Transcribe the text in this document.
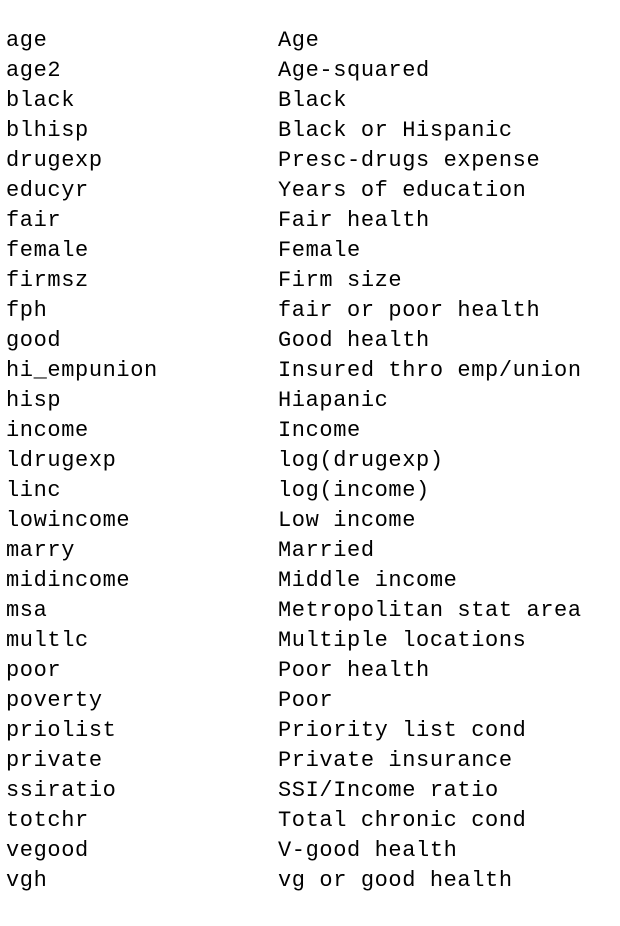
age	Age
age2	Age-squared
black	Black
blhisp	Black or Hispanic
drugexp	Presc-drugs expense
educyr	Years of education
fair	Fair health
female	Female
firmsz	Firm size
fph	fair or poor health
good	Good health
hi_empunion	Insured thro emp/union
hisp	Hiapanic
income	Income
ldrugexp	log(drugexp)
linc	log(income)
lowincome	Low income
marry	Married
midincome	Middle income
msa	Metropolitan stat area
multlc	Multiple locations
poor	Poor health
poverty	Poor
priolist	Priority list cond
private	Private insurance
ssiratio	SSI/Income ratio
totchr	Total chronic cond
vegood	V-good health
vgh	vg or good health
